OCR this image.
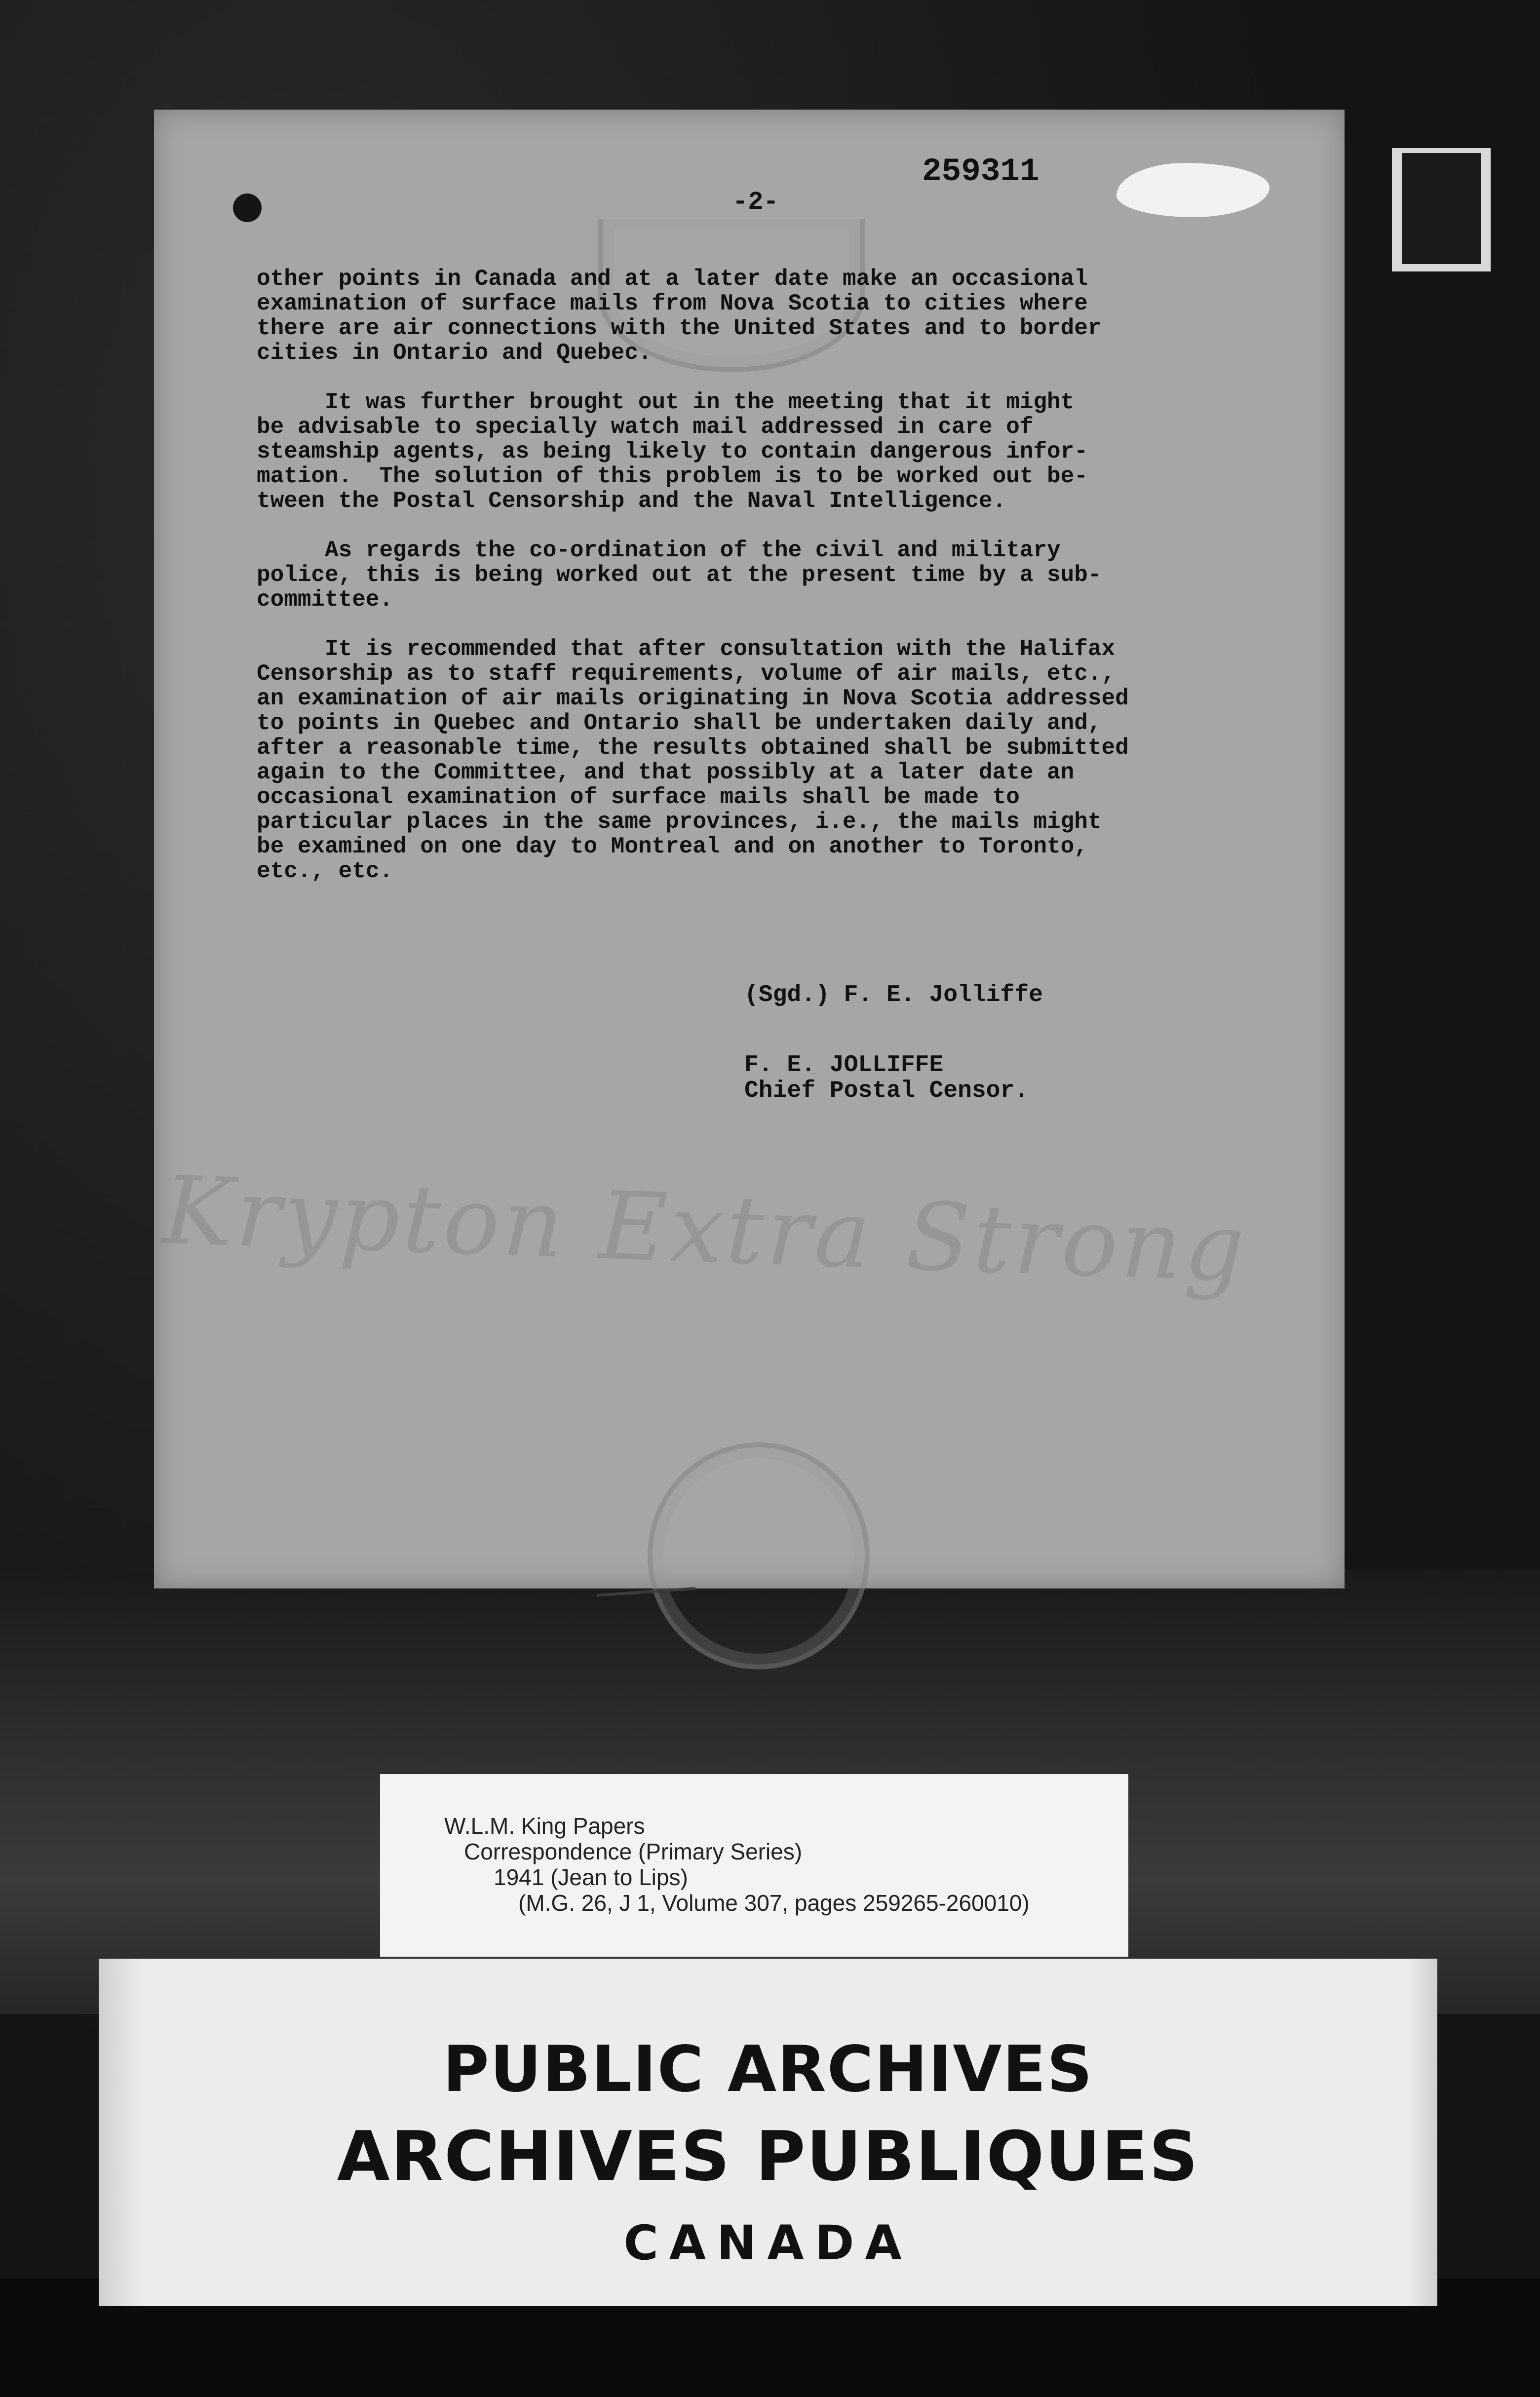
259311
-2-
other points in Canada and at a later date make an occasional
examination of surface mails from Nova Scotia to cities where
there are air connections with the United States and to border
cities in Ontario and Quebec.
It was further brought out in the meeting that it might
be advisable to specially watch mail addressed in care of
steamship agents, as being likely to contain dangerous infor-
mation.  The solution of this problem is to be worked out be-
tween the Postal Censorship and the Naval Intelligence.
As regards the co-ordination of the civil and military
police, this is being worked out at the present time by a sub-
committee.
It is recommended that after consultation with the Halifax
Censorship as to staff requirements, volume of air mails, etc.,
an examination of air mails originating in Nova Scotia addressed
to points in Quebec and Ontario shall be undertaken daily and,
after a reasonable time, the results obtained shall be submitted
again to the Committee, and that possibly at a later date an
occasional examination of surface mails shall be made to
particular places in the same provinces, i.e., the mails might
be examined on one day to Montreal and on another to Toronto,
etc., etc.
(Sgd.) F. E. Jolliffe
F. E. JOLLIFFE
Chief Postal Censor.
Krypton Extra Strong
W.L.M. King Papers
Correspondence (Primary Series)
1941 (Jean to Lips)
(M.G. 26, J 1, Volume 307, pages 259265-260010)
PUBLIC ARCHIVES
ARCHIVES PUBLIQUES
CANADA
